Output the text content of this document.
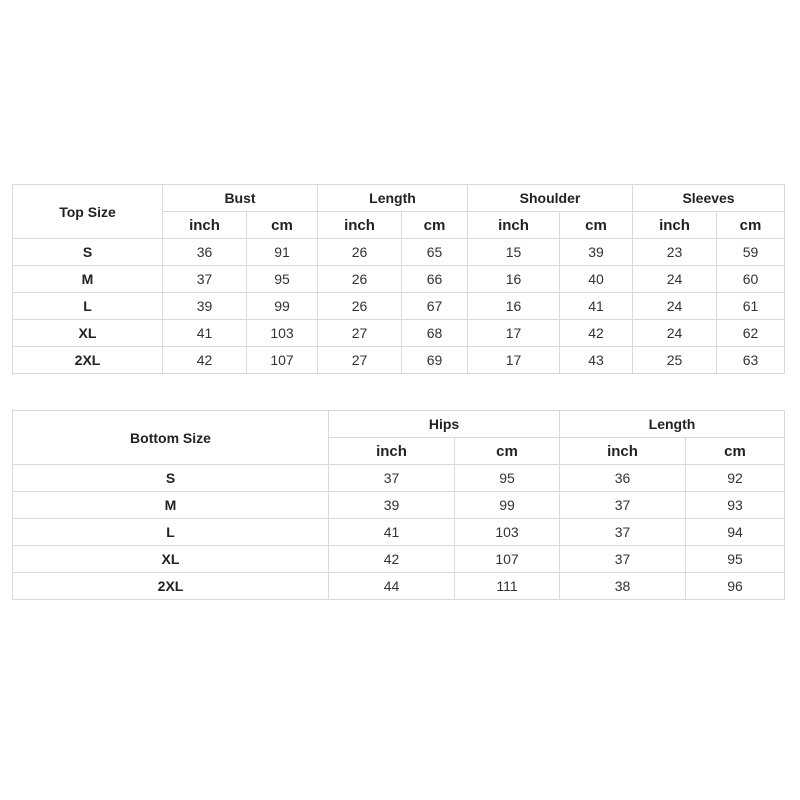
Top Size	Bust		Length		Shoulder		Sleeves	
	inch	cm	inch	cm	inch	cm	inch	cm
S	36	91	26	65	15	39	23	59
M	37	95	26	66	16	40	24	60
L	39	99	26	67	16	41	24	61
XL	41	103	27	68	17	42	24	62
2XL	42	107	27	69	17	43	25	63
Bottom Size	Hips		Length	
	inch	cm	inch	cm
S	37	95	36	92
M	39	99	37	93
L	41	103	37	94
XL	42	107	37	95
2XL	44	111	38	96
